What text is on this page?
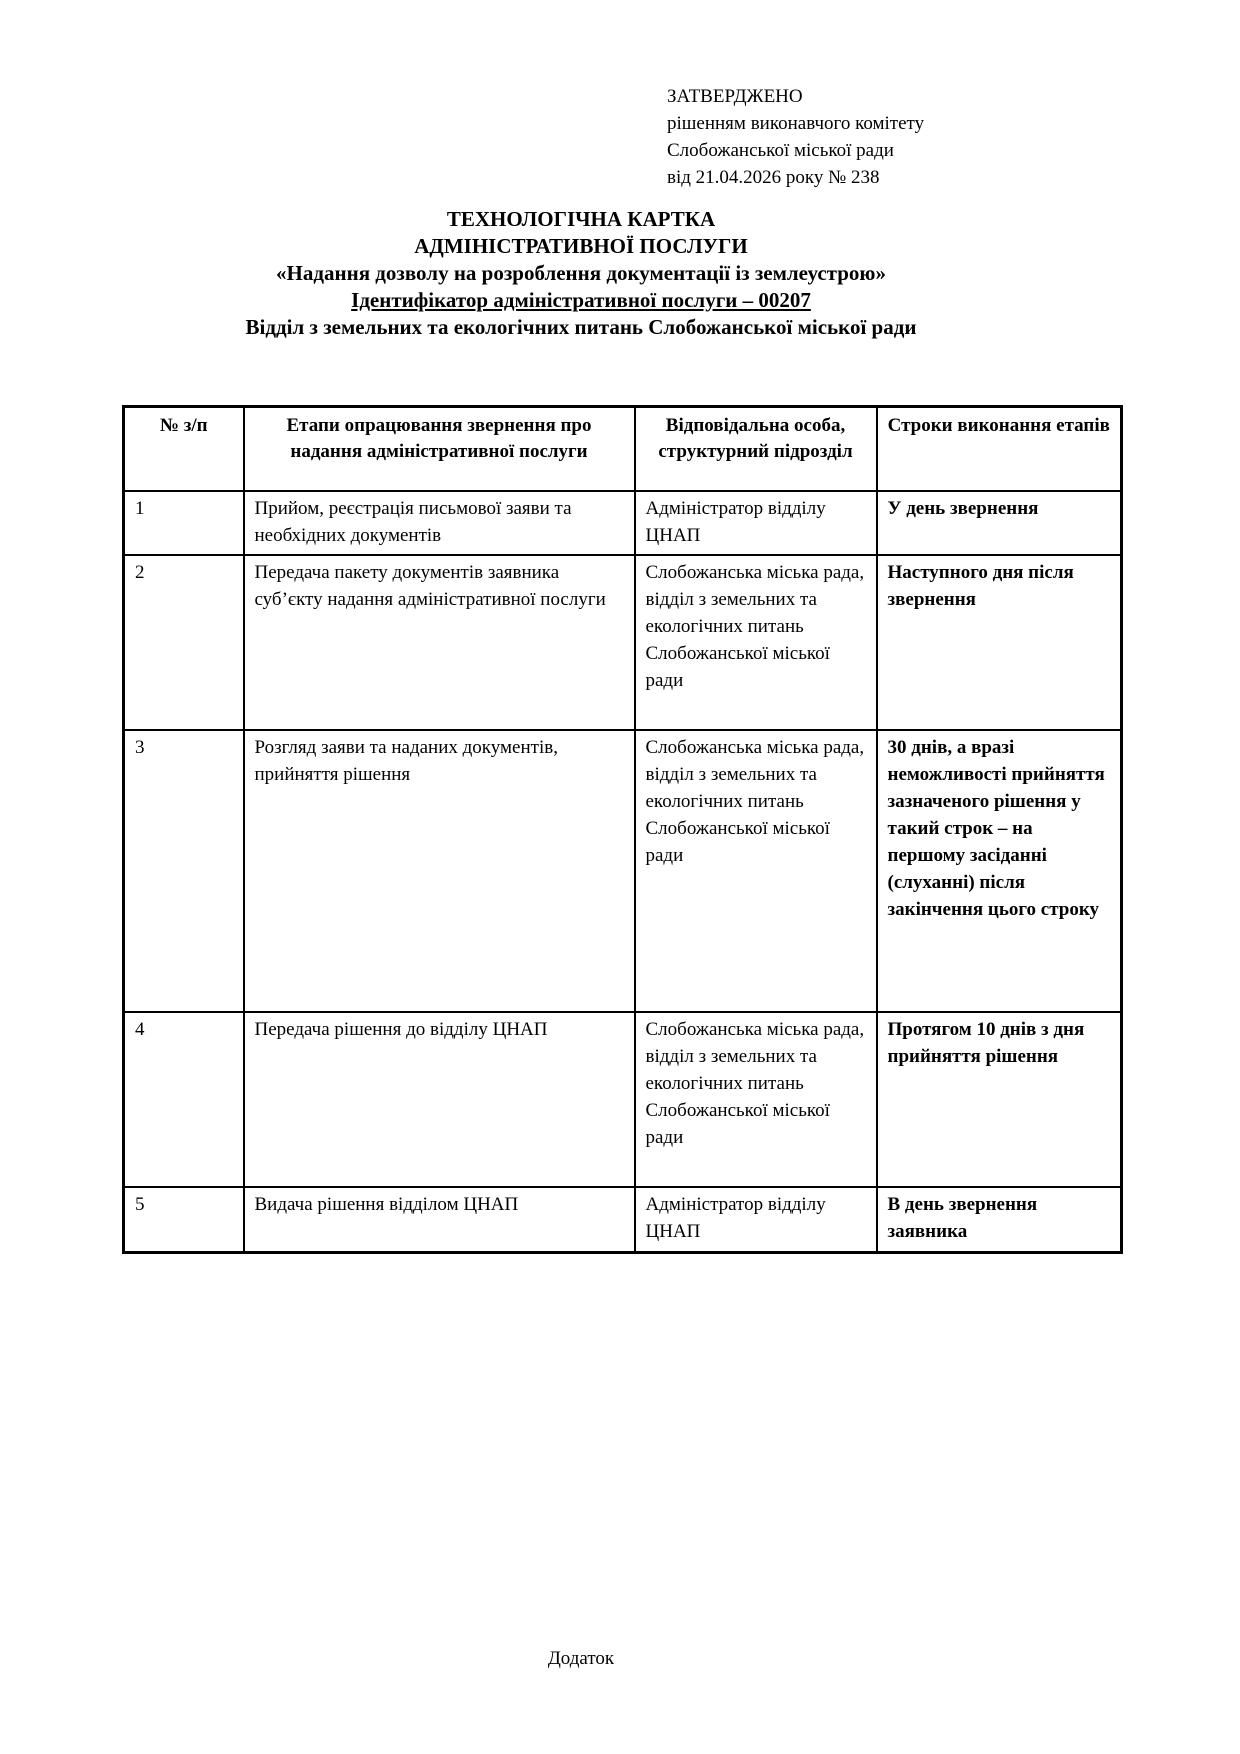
ЗАТВЕРДЖЕНО
рішенням виконавчого комітету
Слобожанської міської ради
від 21.04.2026 року № 238
ТЕХНОЛОГІЧНА КАРТКА
АДМІНІСТРАТИВНОЇ ПОСЛУГИ
«Надання дозволу на розроблення документації із землеустрою»
Ідентифікатор адміністративної послуги – 00207
Відділ з земельних та екологічних питань Слобожанської міської ради
№ з/п	Етапи опрацювання звернення про надання адміністративної послуги	Відповідальна особа, структурний підрозділ	Строки виконання етапів
1	Прийом, реєстрація письмової заяви та необхідних документів	Адміністратор відділу ЦНАП	У день звернення
2	Передача пакету документів заявника суб’єкту надання адміністративної послуги	Слобожанська міська рада, відділ з земельних та екологічних питань Слобожанської міської ради	Наступного дня після звернення
3	Розгляд заяви та наданих документів, прийняття рішення	Слобожанська міська рада, відділ з земельних та екологічних питань Слобожанської міської ради	30 днів, а вразі неможливості прийняття зазначеного рішення у такий строк – на першому засіданні (слуханні) після закінчення цього строку
4	Передача рішення до відділу ЦНАП	Слобожанська міська рада, відділ з земельних та екологічних питань Слобожанської міської ради	Протягом 10 днів з дня прийняття рішення
5	Видача рішення відділом ЦНАП	Адміністратор відділу ЦНАП	В день звернення заявника
Додаток
